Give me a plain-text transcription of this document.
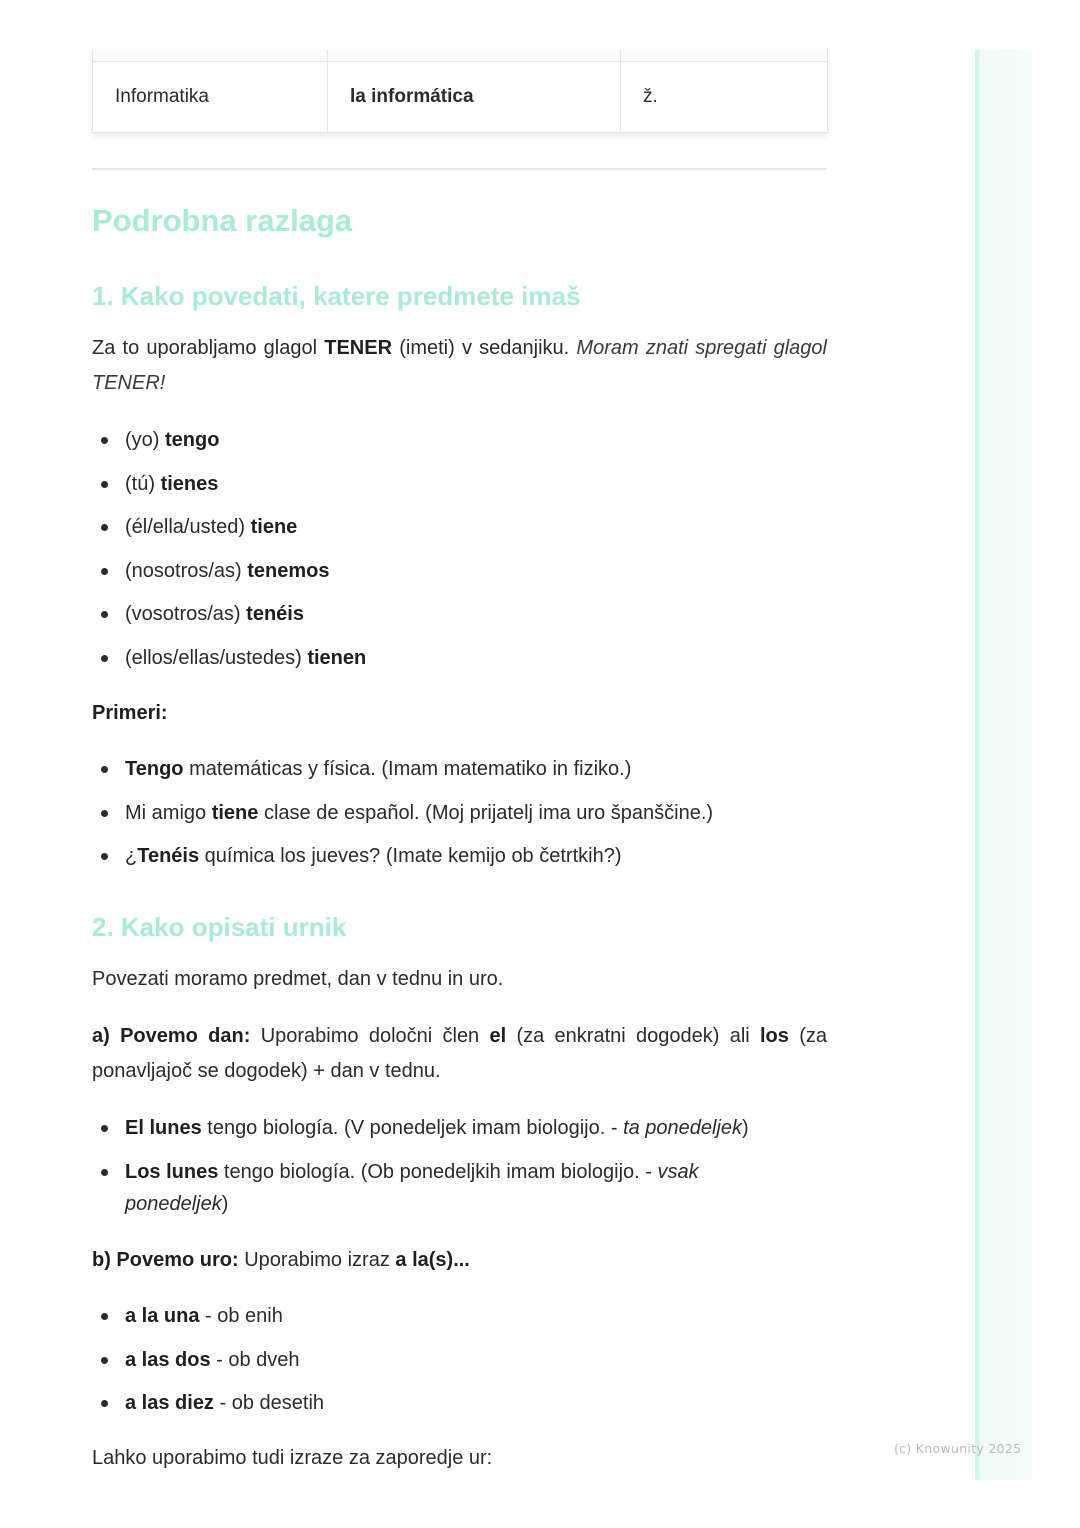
(c) Knowunity 2025
Informatika	la informática	ž.
Podrobna razlaga
1. Kako povedati, katere predmete imaš
Za to uporabljamo glagol TENER (imeti) v sedanjiku. Moram znati spregati glagol TENER!
(yo) tengo
(tú) tienes
(él/ella/usted) tiene
(nosotros/as) tenemos
(vosotros/as) tenéis
(ellos/ellas/ustedes) tienen
Primeri:
Tengo matemáticas y física. (Imam matematiko in fiziko.)
Mi amigo tiene clase de español. (Moj prijatelj ima uro španščine.)
¿Tenéis química los jueves? (Imate kemijo ob četrtkih?)
2. Kako opisati urnik
Povezati moramo predmet, dan v tednu in uro.
a) Povemo dan: Uporabimo določni člen el (za enkratni dogodek) ali los (za ponavljajoč se dogodek) + dan v tednu.
El lunes tengo biología. (V ponedeljek imam biologijo. - ta ponedeljek)
Los lunes tengo biología. (Ob ponedeljkih imam biologijo. - vsak ponedeljek)
b) Povemo uro: Uporabimo izraz a la(s)...
a la una - ob enih
a las dos - ob dveh
a las diez - ob desetih
Lahko uporabimo tudi izraze za zaporedje ur:
